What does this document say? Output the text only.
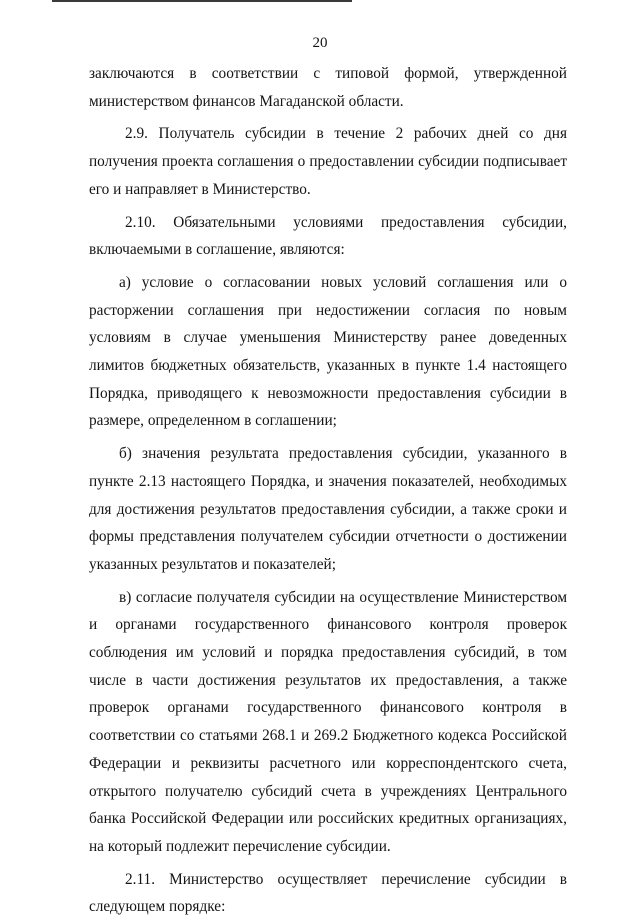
20

заключаются в соответствии с типовой формой, утвержденной министерством финансов Магаданской области.

2.9. Получатель субсидии в течение 2 рабочих дней со дня получения проекта соглашения о предоставлении субсидии подписывает его и направляет в Министерство.

2.10. Обязательными условиями предоставления субсидии, включаемыми в соглашение, являются:

а) условие о согласовании новых условий соглашения или о расторжении соглашения при недостижении согласия по новым условиям в случае уменьшения Министерству ранее доведенных лимитов бюджетных обязательств, указанных в пункте 1.4 настоящего Порядка, приводящего к невозможности предоставления субсидии в размере, определенном в соглашении;

б) значения результата предоставления субсидии, указанного в пункте 2.13 настоящего Порядка, и значения показателей, необходимых для достижения результатов предоставления субсидии, а также сроки и формы представления получателем субсидии отчетности о достижении указанных результатов и показателей;

в) согласие получателя субсидии на осуществление Министерством и органами государственного финансового контроля проверок соблюдения им условий и порядка предоставления субсидий, в том числе в части достижения результатов их предоставления, а также проверок органами государственного финансового контроля в соответствии со статьями 268.1 и 269.2 Бюджетного кодекса Российской Федерации и реквизиты расчетного или корреспондентского счета, открытого получателю субсидий счета в учреждениях Центрального банка Российской Федерации или российских кредитных организациях, на который подлежит перечисление субсидии.

2.11. Министерство осуществляет перечисление субсидии в следующем порядке:
